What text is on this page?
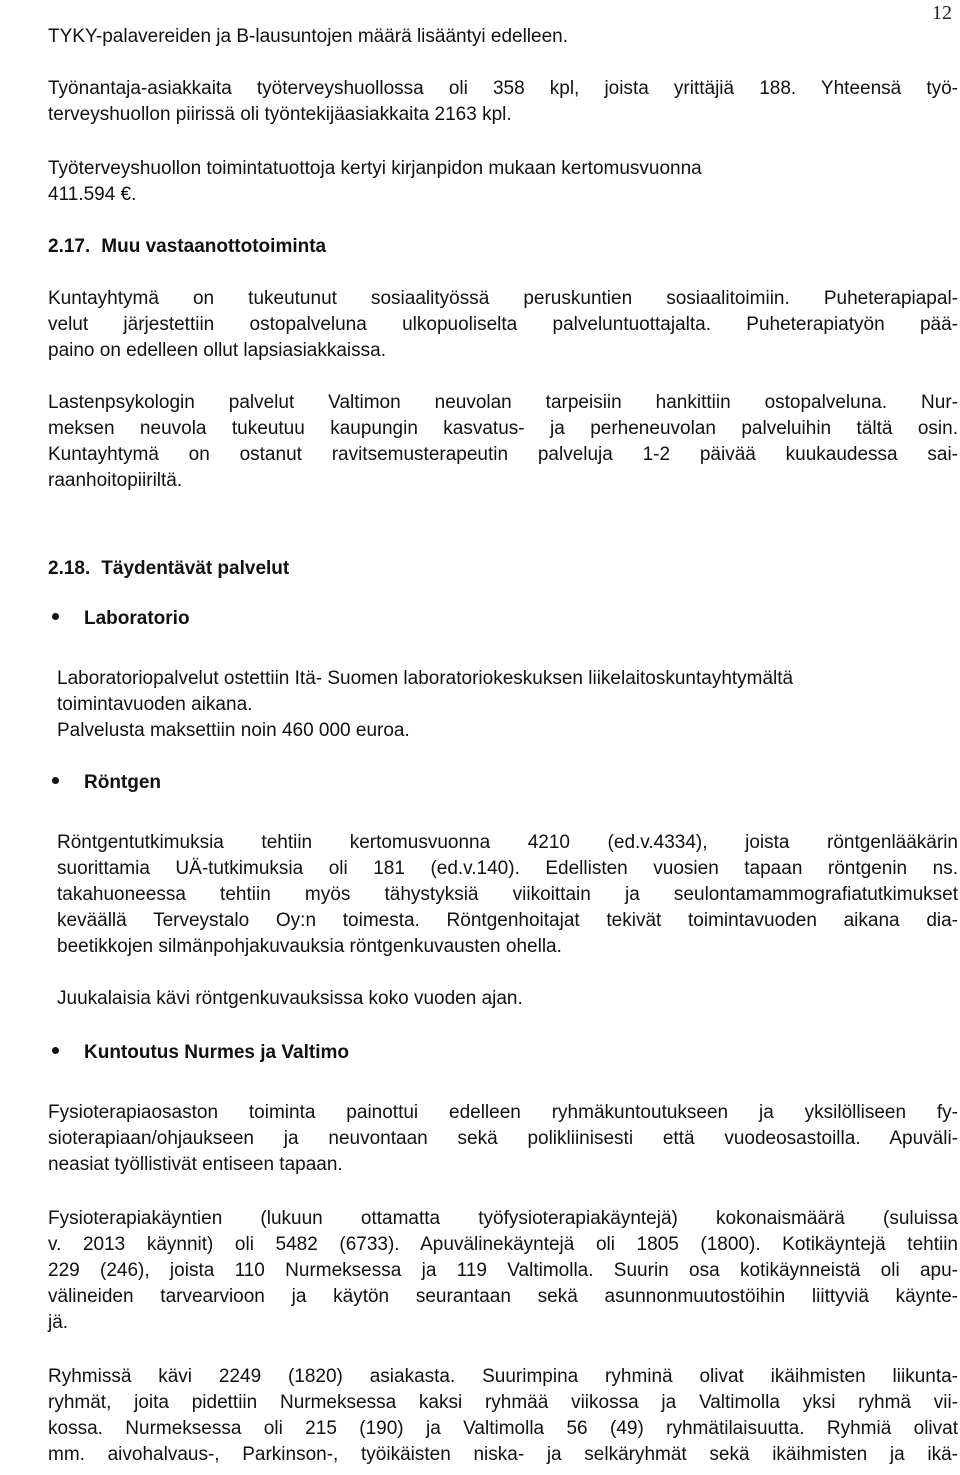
12
TYKY-palavereiden ja B-lausuntojen määrä lisääntyi edelleen.
Työnantaja-asiakkaita työterveyshuollossa oli 358 kpl, joista yrittäjiä 188. Yhteensä työ-
terveyshuollon piirissä oli työntekijäasiakkaita 2163 kpl.
Työterveyshuollon toimintatuottoja kertyi kirjanpidon mukaan kertomusvuonna
411.594 €.
2.17. Muu vastaanottotoiminta
Kuntayhtymä on tukeutunut sosiaalityössä peruskuntien sosiaalitoimiin. Puheterapiapal-
velut järjestettiin ostopalveluna ulkopuoliselta palveluntuottajalta. Puheterapiatyön pää-
paino on edelleen ollut lapsiasiakkaissa.
Lastenpsykologin palvelut Valtimon neuvolan tarpeisiin hankittiin ostopalveluna. Nur-
meksen neuvola tukeutuu kaupungin kasvatus- ja perheneuvolan palveluihin tältä osin.
Kuntayhtymä on ostanut ravitsemusterapeutin palveluja 1-2 päivää kuukaudessa sai-
raanhoitopiiriltä.
2.18. Täydentävät palvelut
Laboratorio
Laboratoriopalvelut ostettiin Itä- Suomen laboratoriokeskuksen liikelaitoskuntayhtymältä
toimintavuoden aikana.
Palvelusta maksettiin noin 460 000 euroa.
Röntgen
Röntgentutkimuksia tehtiin kertomusvuonna 4210 (ed.v.4334), joista röntgenlääkärin
suorittamia UÄ-tutkimuksia oli 181 (ed.v.140). Edellisten vuosien tapaan röntgenin ns.
takahuoneessa tehtiin myös tähystyksiä viikoittain ja seulontamammografiatutkimukset
keväällä Terveystalo Oy:n toimesta. Röntgenhoitajat tekivät toimintavuoden aikana dia-
beetikkojen silmänpohjakuvauksia röntgenkuvausten ohella.
Juukalaisia kävi röntgenkuvauksissa koko vuoden ajan.
Kuntoutus Nurmes ja Valtimo
Fysioterapiaosaston toiminta painottui edelleen ryhmäkuntoutukseen ja yksilölliseen fy-
sioterapiaan/ohjaukseen ja neuvontaan sekä polikliinisesti että vuodeosastoilla. Apuväli-
neasiat työllistivät entiseen tapaan.
Fysioterapiakäyntien (lukuun ottamatta työfysioterapiakäyntejä) kokonaismäärä (suluissa
v. 2013 käynnit) oli 5482 (6733). Apuvälinekäyntejä oli 1805 (1800). Kotikäyntejä tehtiin
229 (246), joista 110 Nurmeksessa ja 119 Valtimolla. Suurin osa kotikäynneistä oli apu-
välineiden tarvearvioon ja käytön seurantaan sekä asunnonmuutostöihin liittyviä käynte-
jä.
Ryhmissä kävi 2249 (1820) asiakasta. Suurimpina ryhminä olivat ikäihmisten liikunta-
ryhmät, joita pidettiin Nurmeksessa kaksi ryhmää viikossa ja Valtimolla yksi ryhmä vii-
kossa. Nurmeksessa oli 215 (190) ja Valtimolla 56 (49) ryhmätilaisuutta. Ryhmiä olivat
mm. aivohalvaus-, Parkinson-, työikäisten niska- ja selkäryhmät sekä ikäihmisten ja ikä-
